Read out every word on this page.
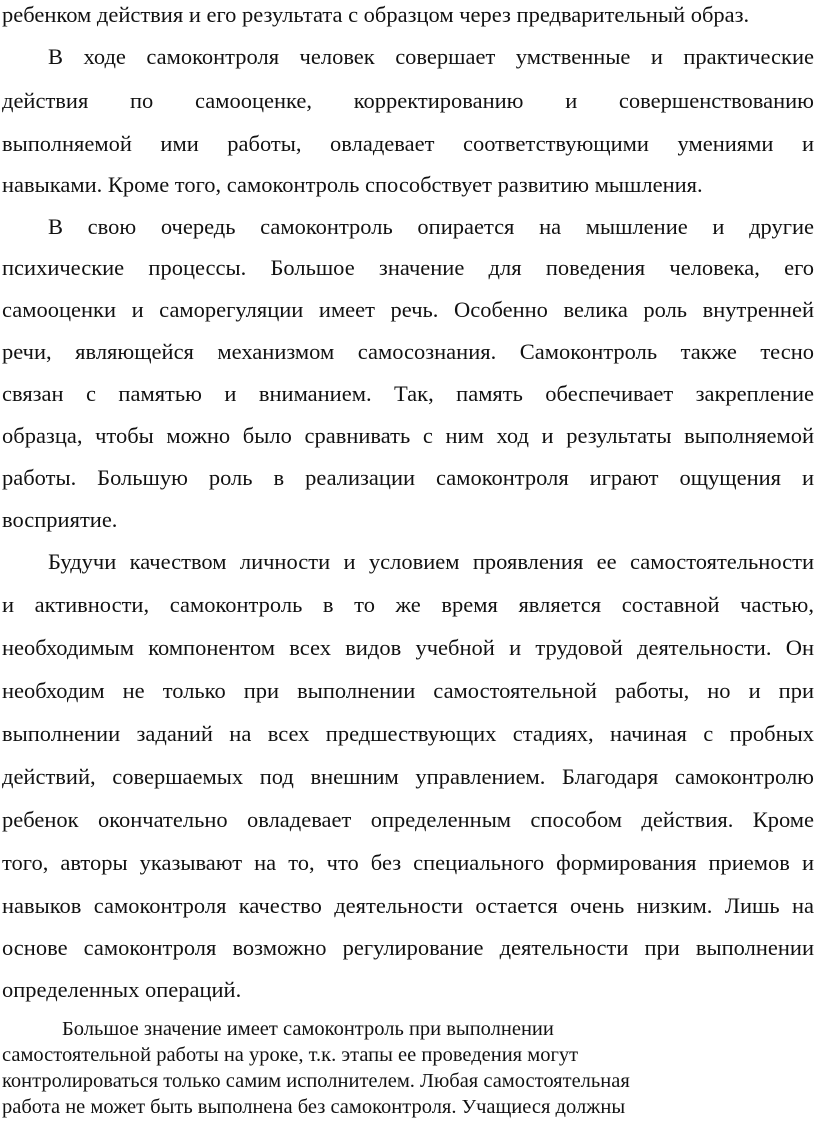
ребенком действия и его результата с образцом через предварительный образ.
В ходе самоконтроля человек совершает умственные и практические
действия по самооценке, корректированию и совершенствованию
выполняемой ими работы, овладевает соответствующими умениями и
навыками. Кроме того, самоконтроль способствует развитию мышления.
В свою очередь самоконтроль опирается на мышление и другие
психические процессы. Большое значение для поведения человека, его
самооценки и саморегуляции имеет речь. Особенно велика роль внутренней
речи, являющейся механизмом самосознания. Самоконтроль также тесно
связан с памятью и вниманием. Так, память обеспечивает закрепление
образца, чтобы можно было сравнивать с ним ход и результаты выполняемой
работы. Большую роль в реализации самоконтроля играют ощущения и
восприятие.
Будучи качеством личности и условием проявления ее самостоятельности
и активности, самоконтроль в то же время является составной частью,
необходимым компонентом всех видов учебной и трудовой деятельности. Он
необходим не только при выполнении самостоятельной работы, но и при
выполнении заданий на всех предшествующих стадиях, начиная с пробных
действий, совершаемых под внешним управлением. Благодаря самоконтролю
ребенок окончательно овладевает определенным способом действия. Кроме
того, авторы указывают на то, что без специального формирования приемов и
навыков самоконтроля качество деятельности остается очень низким. Лишь на
основе самоконтроля возможно регулирование деятельности при выполнении
определенных операций.
Большое значение имеет самоконтроль при выполнении
самостоятельной работы на уроке, т.к. этапы ее проведения могут
контролироваться только самим исполнителем. Любая самостоятельная
работа не может быть выполнена без самоконтроля. Учащиеся должны
